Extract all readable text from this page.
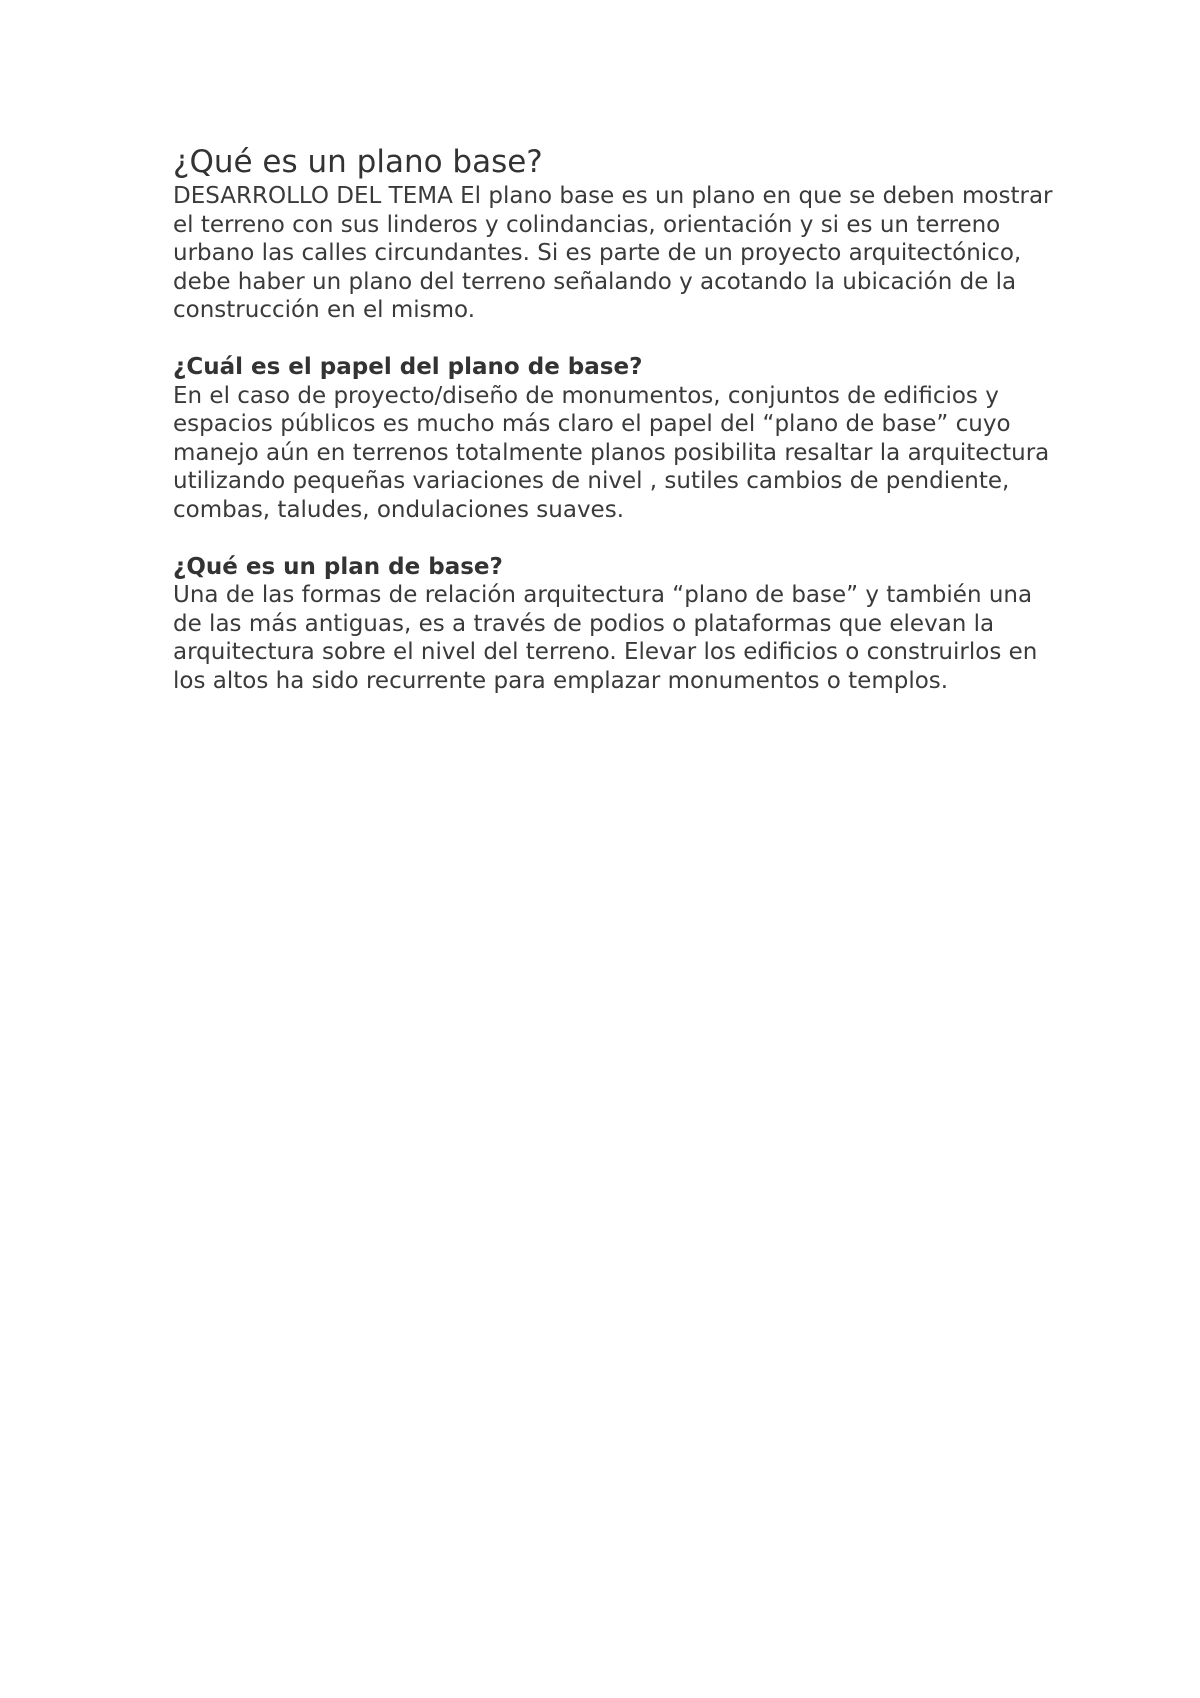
¿Qué es un plano base?

DESARROLLO DEL TEMA El plano base es un plano en que se deben mostrar el terreno con sus linderos y colindancias, orientación y si es un terreno urbano las calles circundantes. Si es parte de un proyecto arquitectónico, debe haber un plano del terreno señalando y acotando la ubicación de la construcción en el mismo.

¿Cuál es el papel del plano de base?

En el caso de proyecto/diseño de monumentos, conjuntos de edificios y espacios públicos es mucho más claro el papel del “plano de base” cuyo manejo aún en terrenos totalmente planos posibilita resaltar la arquitectura utilizando pequeñas variaciones de nivel , sutiles cambios de pendiente, combas, taludes, ondulaciones suaves.

¿Qué es un plan de base?

Una de las formas de relación arquitectura “plano de base” y también una de las más antiguas, es a través de podios o plataformas que elevan la arquitectura sobre el nivel del terreno. Elevar los edificios o construirlos en los altos ha sido recurrente para emplazar monumentos o templos.
